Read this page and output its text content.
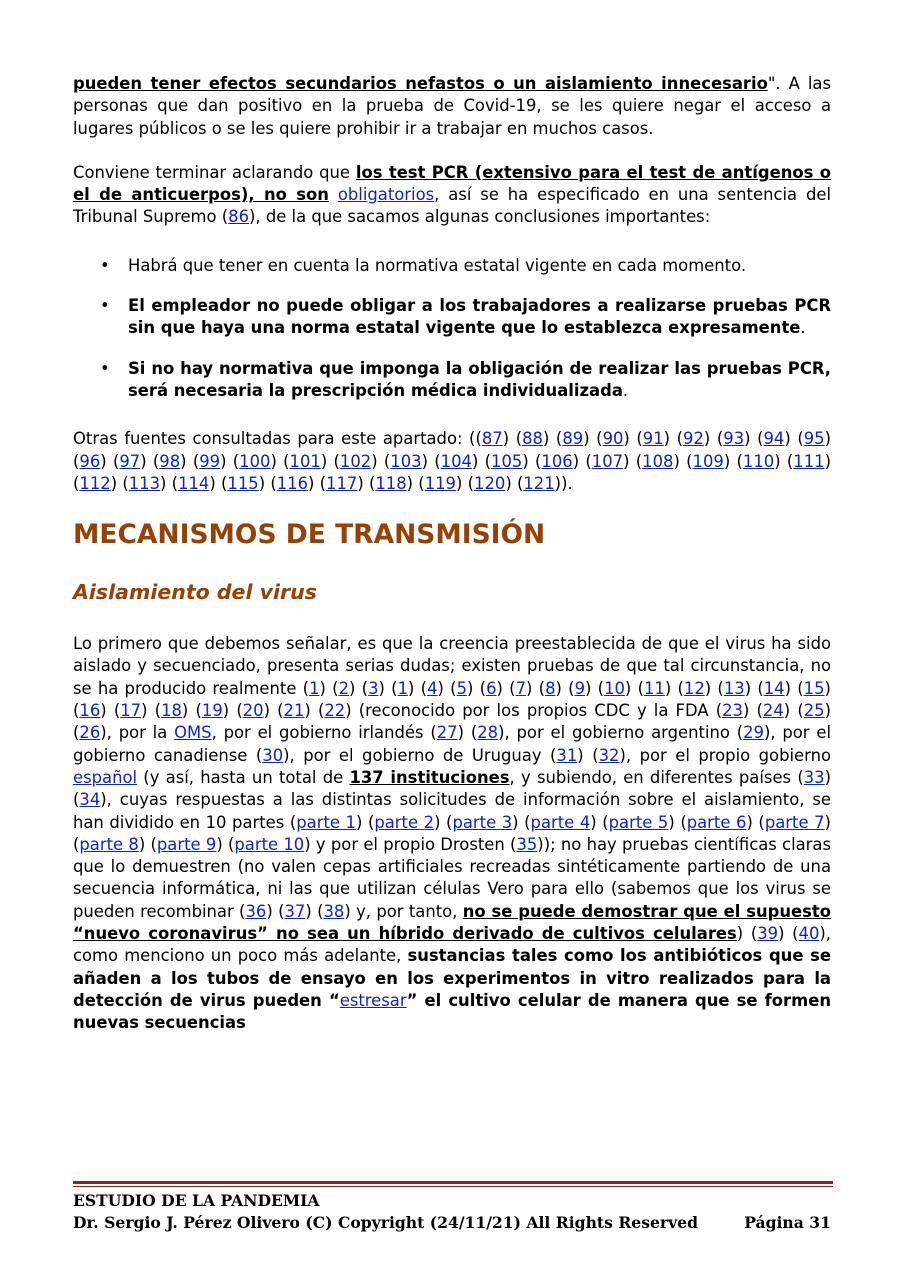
pueden tener efectos secundarios nefastos o un aislamiento innecesario". A las personas que dan positivo en la prueba de Covid-19, se les quiere negar el acceso a lugares públicos o se les quiere prohibir ir a trabajar en muchos casos.

Conviene terminar aclarando que los test PCR (extensivo para el test de antígenos o el de anticuerpos), no son obligatorios, así se ha especificado en una sentencia del Tribunal Supremo (86), de la que sacamos algunas conclusiones importantes:

• Habrá que tener en cuenta la normativa estatal vigente en cada momento.
• El empleador no puede obligar a los trabajadores a realizarse pruebas PCR sin que haya una norma estatal vigente que lo establezca expresamente.
• Si no hay normativa que imponga la obligación de realizar las pruebas PCR, será necesaria la prescripción médica individualizada.

Otras fuentes consultadas para este apartado: ((87) (88) (89) (90) (91) (92) (93) (94) (95) (96) (97) (98) (99) (100) (101) (102) (103) (104) (105) (106) (107) (108) (109) (110) (111) (112) (113) (114) (115) (116) (117) (118) (119) (120) (121)).

MECANISMOS DE TRANSMISIÓN
Aislamiento del virus

Lo primero que debemos señalar, es que la creencia preestablecida de que el virus ha sido aislado y secuenciado, presenta serias dudas; existen pruebas de que tal circunstancia, no se ha producido realmente (1) (2) (3) (1) (4) (5) (6) (7) (8) (9) (10) (11) (12) (13) (14) (15) (16) (17) (18) (19) (20) (21) (22) (reconocido por los propios CDC y la FDA (23) (24) (25) (26), por la OMS, por el gobierno irlandés (27) (28), por el gobierno argentino (29), por el gobierno canadiense (30), por el gobierno de Uruguay (31) (32), por el propio gobierno español (y así, hasta un total de 137 instituciones, y subiendo, en diferentes países (33) (34), cuyas respuestas a las distintas solicitudes de información sobre el aislamiento, se han dividido en 10 partes (parte 1) (parte 2) (parte 3) (parte 4) (parte 5) (parte 6) (parte 7) (parte 8) (parte 9) (parte 10) y por el propio Drosten (35)); no hay pruebas científicas claras que lo demuestren (no valen cepas artificiales recreadas sintéticamente partiendo de una secuencia informática, ni las que utilizan células Vero para ello (sabemos que los virus se pueden recombinar (36) (37) (38) y, por tanto, no se puede demostrar que el supuesto “nuevo coronavirus” no sea un híbrido derivado de cultivos celulares) (39) (40), como menciono un poco más adelante, sustancias tales como los antibióticos que se añaden a los tubos de ensayo en los experimentos in vitro realizados para la detección de virus pueden “estresar” el cultivo celular de manera que se formen nuevas secuencias

ESTUDIO DE LA PANDEMIA
Dr. Sergio J. Pérez Olivero (C) Copyright (24/11/21) All Rights Reserved	Página 31
